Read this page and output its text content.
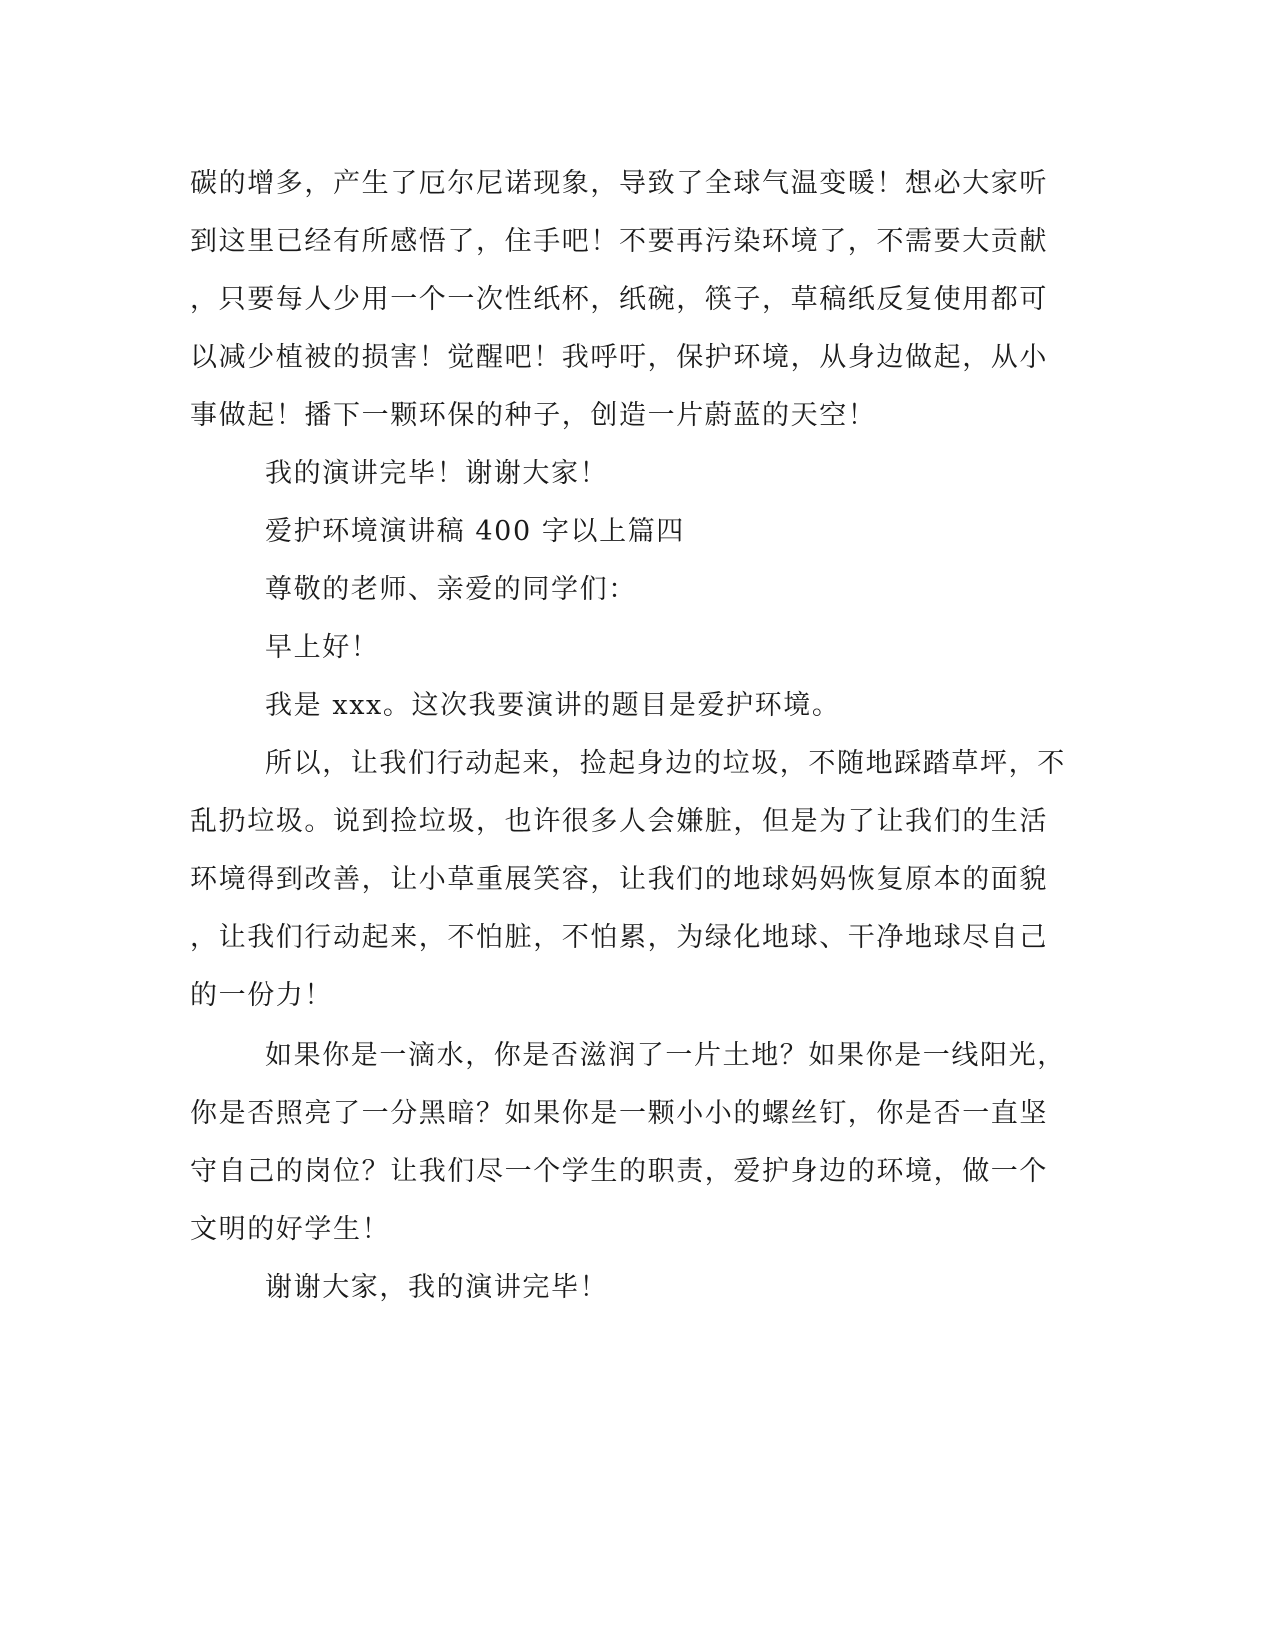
碳的增多，产生了厄尔尼诺现象，导致了全球气温变暖！想必大家听
到这里已经有所感悟了，住手吧！不要再污染环境了，不需要大贡献
，只要每人少用一个一次性纸杯，纸碗，筷子，草稿纸反复使用都可
以减少植被的损害！觉醒吧！我呼吁，保护环境，从身边做起，从小
事做起！播下一颗环保的种子，创造一片蔚蓝的天空！
我的演讲完毕！谢谢大家！
爱护环境演讲稿 400 字以上篇四
尊敬的老师、亲爱的同学们：
早上好！
我是 xxx。这次我要演讲的题目是爱护环境。
所以，让我们行动起来，捡起身边的垃圾，不随地踩踏草坪，不
乱扔垃圾。说到捡垃圾，也许很多人会嫌脏，但是为了让我们的生活
环境得到改善，让小草重展笑容，让我们的地球妈妈恢复原本的面貌
，让我们行动起来，不怕脏，不怕累，为绿化地球、干净地球尽自己
的一份力！
如果你是一滴水，你是否滋润了一片土地？如果你是一线阳光，
你是否照亮了一分黑暗？如果你是一颗小小的螺丝钉，你是否一直坚
守自己的岗位？让我们尽一个学生的职责，爱护身边的环境，做一个
文明的好学生！
谢谢大家，我的演讲完毕！
